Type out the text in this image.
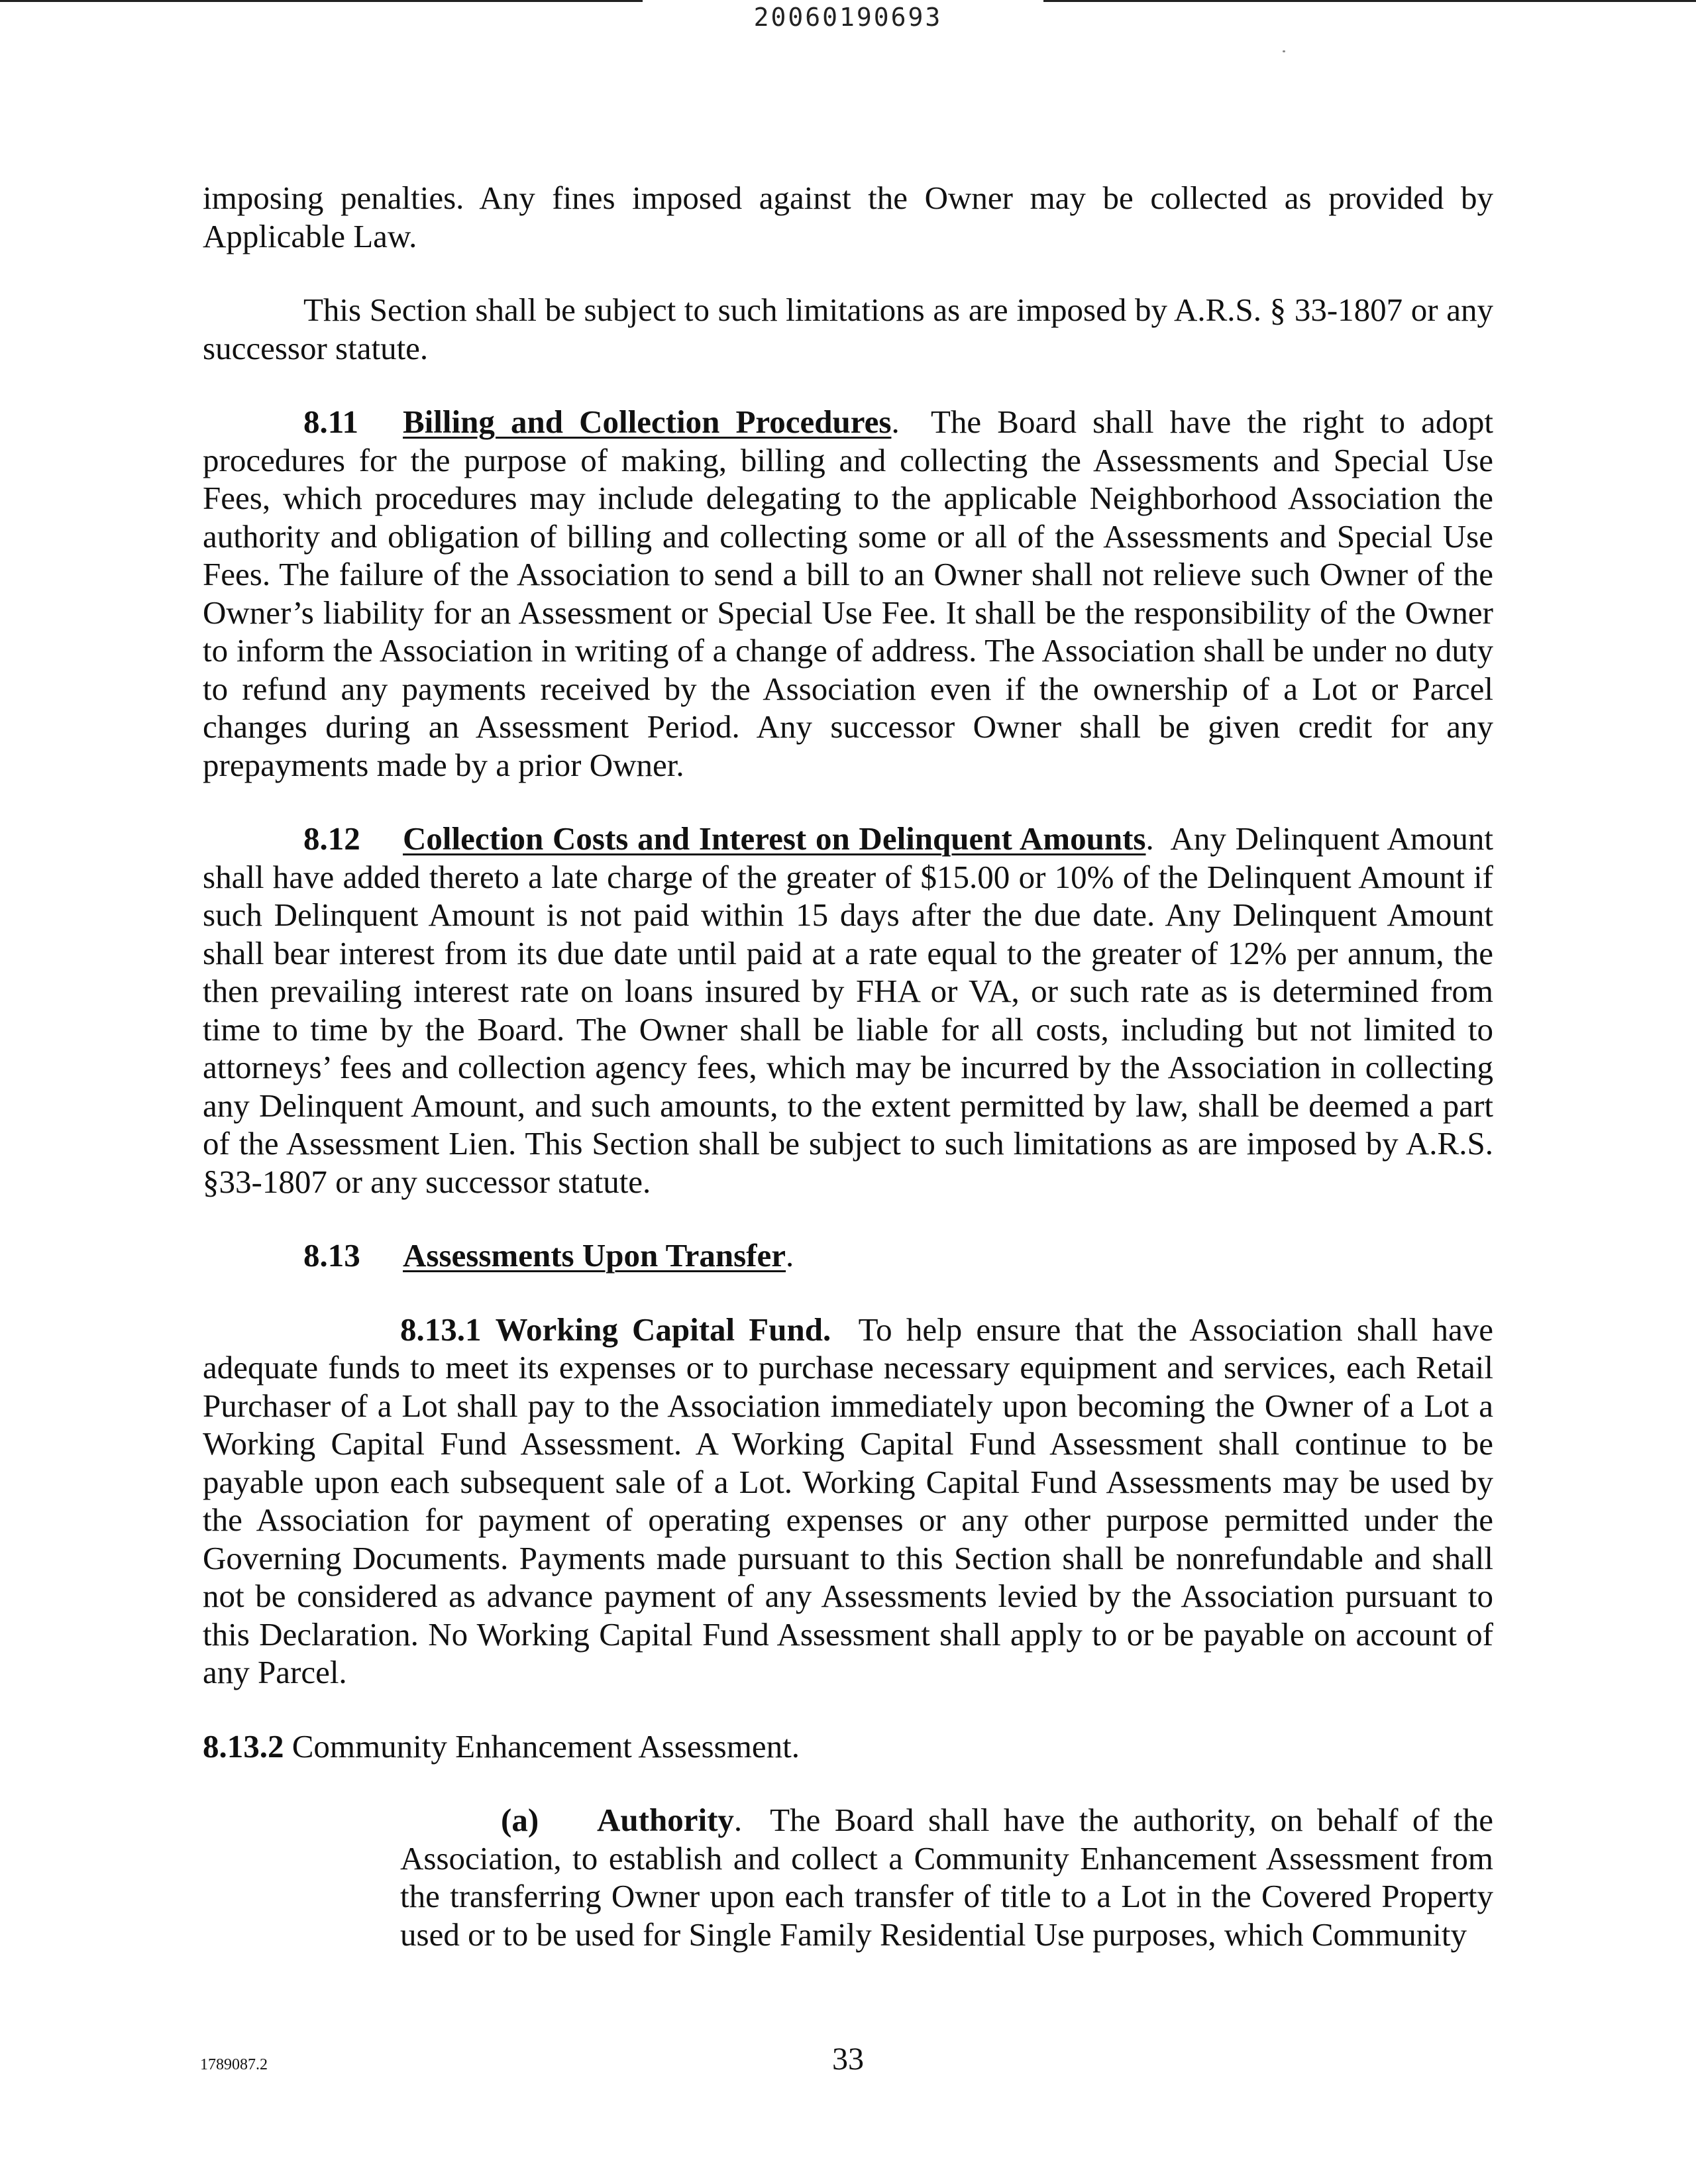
20060190693

imposing penalties. Any fines imposed against the Owner may be collected as provided by Applicable Law.

This Section shall be subject to such limitations as are imposed by A.R.S. § 33-1807 or any successor statute.

8.11 Billing and Collection Procedures.  The Board shall have the right to adopt procedures for the purpose of making, billing and collecting the Assessments and Special Use Fees, which procedures may include delegating to the applicable Neighborhood Association the authority and obligation of billing and collecting some or all of the Assessments and Special Use Fees. The failure of the Association to send a bill to an Owner shall not relieve such Owner of the Owner’s liability for an Assessment or Special Use Fee. It shall be the responsibility of the Owner to inform the Association in writing of a change of address. The Association shall be under no duty to refund any payments received by the Association even if the ownership of a Lot or Parcel changes during an Assessment Period. Any successor Owner shall be given credit for any prepayments made by a prior Owner.

8.12 Collection Costs and Interest on Delinquent Amounts.  Any Delinquent Amount shall have added thereto a late charge of the greater of $15.00 or 10% of the Delinquent Amount if such Delinquent Amount is not paid within 15 days after the due date. Any Delinquent Amount shall bear interest from its due date until paid at a rate equal to the greater of 12% per annum, the then prevailing interest rate on loans insured by FHA or VA, or such rate as is determined from time to time by the Board. The Owner shall be liable for all costs, including but not limited to attorneys’ fees and collection agency fees, which may be incurred by the Association in collecting any Delinquent Amount, and such amounts, to the extent permitted by law, shall be deemed a part of the Assessment Lien. This Section shall be subject to such limitations as are imposed by A.R.S. §33-1807 or any successor statute.

8.13 Assessments Upon Transfer.

8.13.1 Working Capital Fund. To help ensure that the Association shall have adequate funds to meet its expenses or to purchase necessary equipment and services, each Retail Purchaser of a Lot shall pay to the Association immediately upon becoming the Owner of a Lot a Working Capital Fund Assessment. A Working Capital Fund Assessment shall continue to be payable upon each subsequent sale of a Lot. Working Capital Fund Assessments may be used by the Association for payment of operating expenses or any other purpose permitted under the Governing Documents. Payments made pursuant to this Section shall be nonrefundable and shall not be considered as advance payment of any Assessments levied by the Association pursuant to this Declaration. No Working Capital Fund Assessment shall apply to or be payable on account of any Parcel.

8.13.2 Community Enhancement Assessment.

(a) Authority.  The Board shall have the authority, on behalf of the Association, to establish and collect a Community Enhancement Assessment from the transferring Owner upon each transfer of title to a Lot in the Covered Property used or to be used for Single Family Residential Use purposes, which Community

1789087.2	33
